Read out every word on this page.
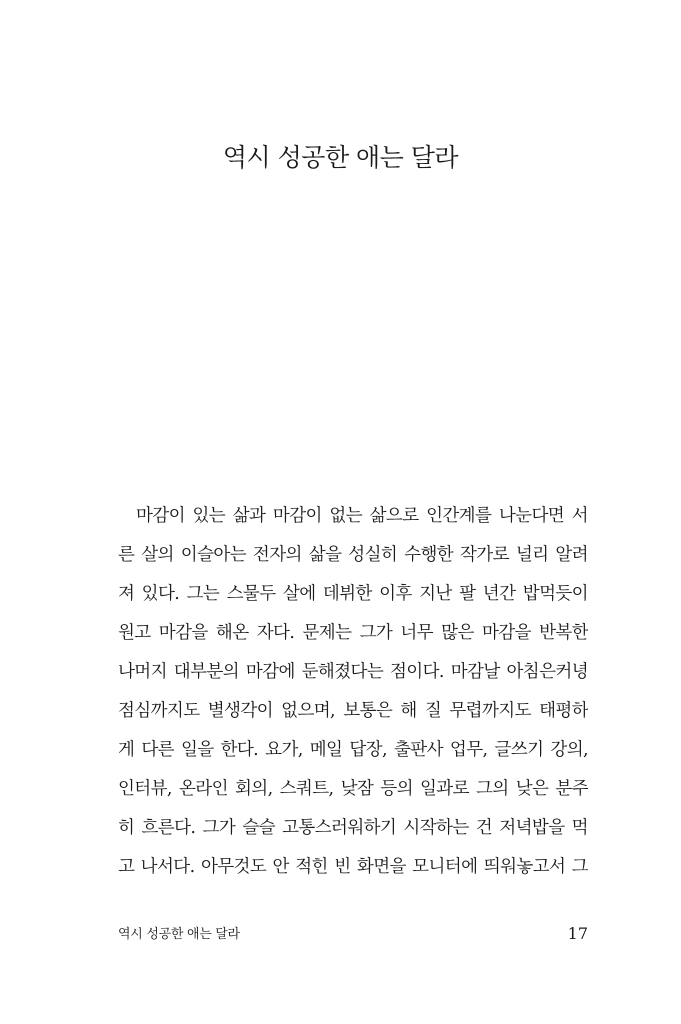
역시 성공한 애는 달라
마감이 있는 삶과 마감이 없는 삶으로 인간계를 나눈다면 서
른 살의 이슬아는 전자의 삶을 성실히 수행한 작가로 널리 알려
져 있다. 그는 스물두 살에 데뷔한 이후 지난 팔 년간 밥먹듯이
원고 마감을 해온 자다. 문제는 그가 너무 많은 마감을 반복한
나머지 대부분의 마감에 둔해졌다는 점이다. 마감날 아침은커녕
점심까지도 별생각이 없으며, 보통은 해 질 무렵까지도 태평하
게 다른 일을 한다. 요가, 메일 답장, 출판사 업무, 글쓰기 강의,
인터뷰, 온라인 회의, 스쿼트, 낮잠 등의 일과로 그의 낮은 분주
히 흐른다. 그가 슬슬 고통스러워하기 시작하는 건 저녁밥을 먹
고 나서다. 아무것도 안 적힌 빈 화면을 모니터에 띄워놓고서 그
역시 성공한 애는 달라	17
